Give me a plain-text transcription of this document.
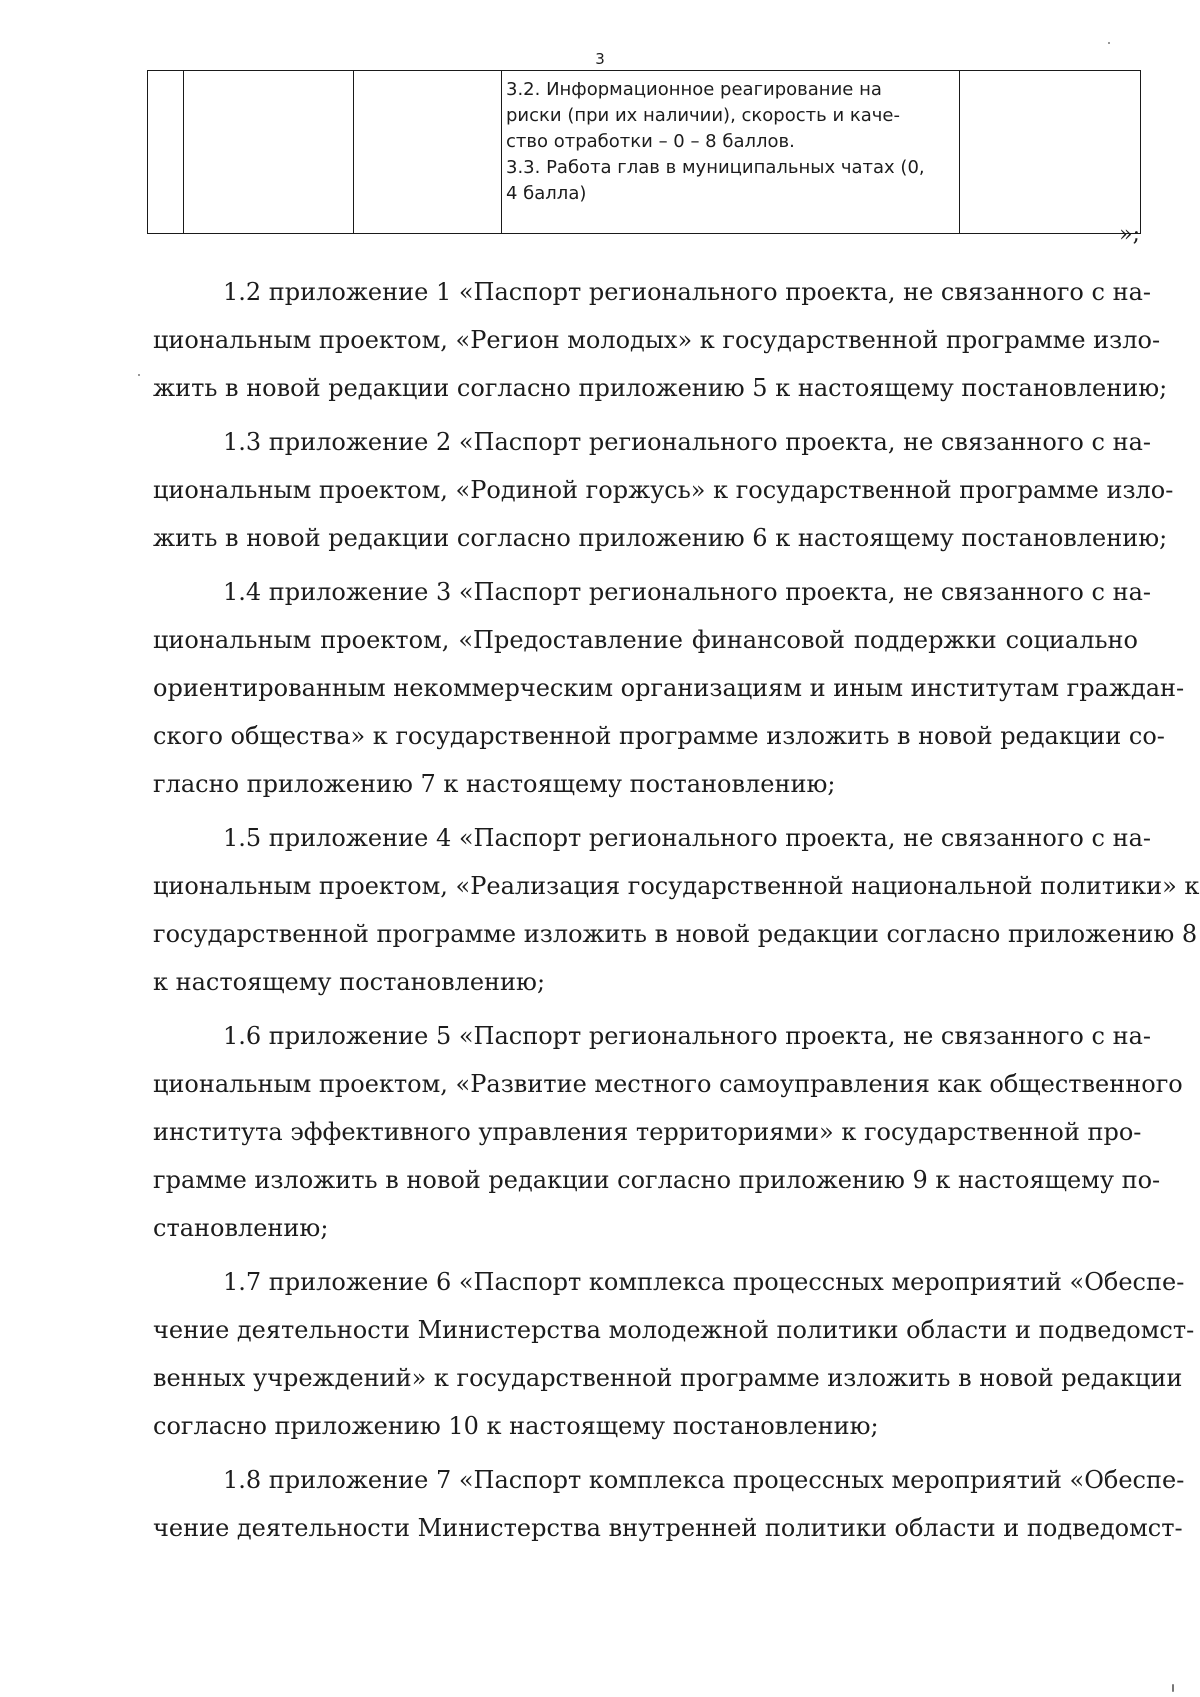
3

3.2. Информационное реагирование на
риски (при их наличии), скорость и каче-
ство отработки – 0 – 8 баллов.
3.3. Работа глав в муниципальных чатах (0,
4 балла)

»;
1.2 приложение 1 «Паспорт регионального проекта, не связанного с на-
циональным проектом, «Регион молодых» к государственной программе изло-
жить в новой редакции согласно приложению 5 к настоящему постановлению;
1.3 приложение 2 «Паспорт регионального проекта, не связанного с на-
циональным проектом, «Родиной горжусь» к государственной программе изло-
жить в новой редакции согласно приложению 6 к настоящему постановлению;
1.4 приложение 3 «Паспорт регионального проекта, не связанного с на-
циональным проектом, «Предоставление финансовой поддержки социально
ориентированным некоммерческим организациям и иным институтам граждан-
ского общества» к государственной программе изложить в новой редакции со-
гласно приложению 7 к настоящему постановлению;
1.5 приложение 4 «Паспорт регионального проекта, не связанного с на-
циональным проектом, «Реализация государственной национальной политики» к
государственной программе изложить в новой редакции согласно приложению 8
к настоящему постановлению;
1.6 приложение 5 «Паспорт регионального проекта, не связанного с на-
циональным проектом, «Развитие местного самоуправления как общественного
института эффективного управления территориями» к государственной про-
грамме изложить в новой редакции согласно приложению 9 к настоящему по-
становлению;
1.7 приложение 6 «Паспорт комплекса процессных мероприятий «Обеспе-
чение деятельности Министерства молодежной политики области и подведомст-
венных учреждений» к государственной программе изложить в новой редакции
согласно приложению 10 к настоящему постановлению;
1.8 приложение 7 «Паспорт комплекса процессных мероприятий «Обеспе-
чение деятельности Министерства внутренней политики области и подведомст-
